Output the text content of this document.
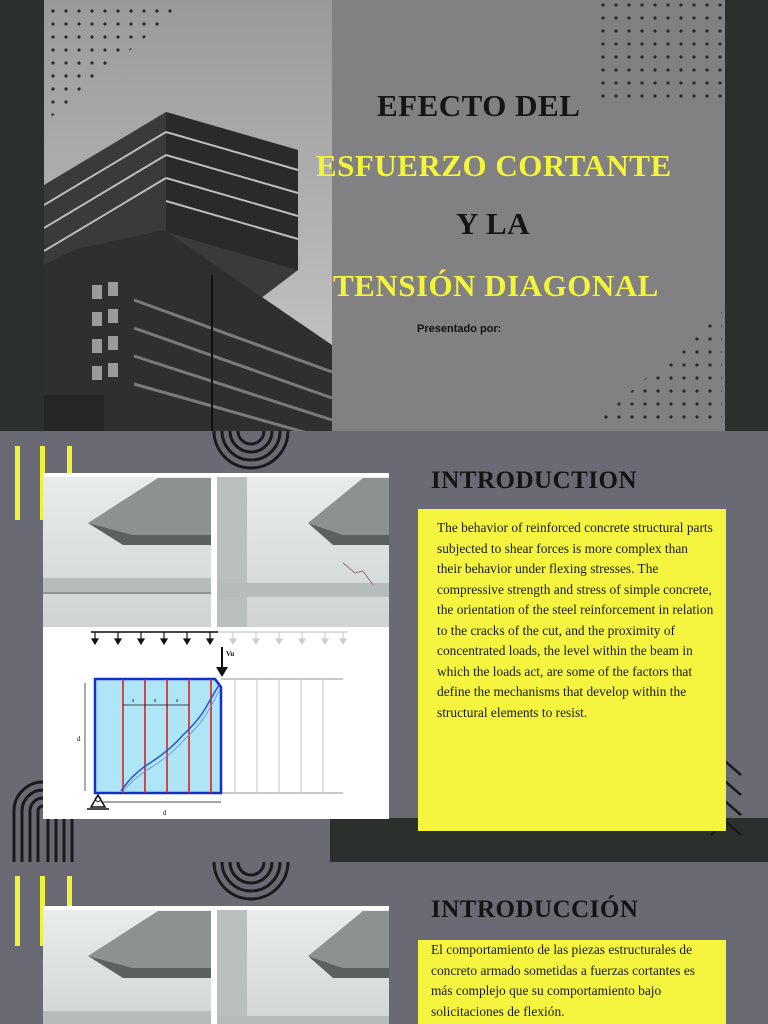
EFECTO DEL
ESFUERZO CORTANTE
Y LA
TENSIÓN DIAGONAL
Presentado por:
Vu
s	s	s
d
d
INTRODUCTION

The behavior of reinforced concrete structural parts subjected to shear forces is more complex than their behavior under flexing stresses. The compressive strength and stress of simple concrete, the orientation of the steel reinforcement in relation to the cracks of the cut, and the proximity of concentrated loads, the level within the beam in which the loads act, are some of the factors that define the mechanisms that develop within the structural elements to resist.

INTRODUCCIÓN

El comportamiento de las piezas estructurales de concreto armado sometidas a fuerzas cortantes es más complejo que su comportamiento bajo solicitaciones de flexión.
